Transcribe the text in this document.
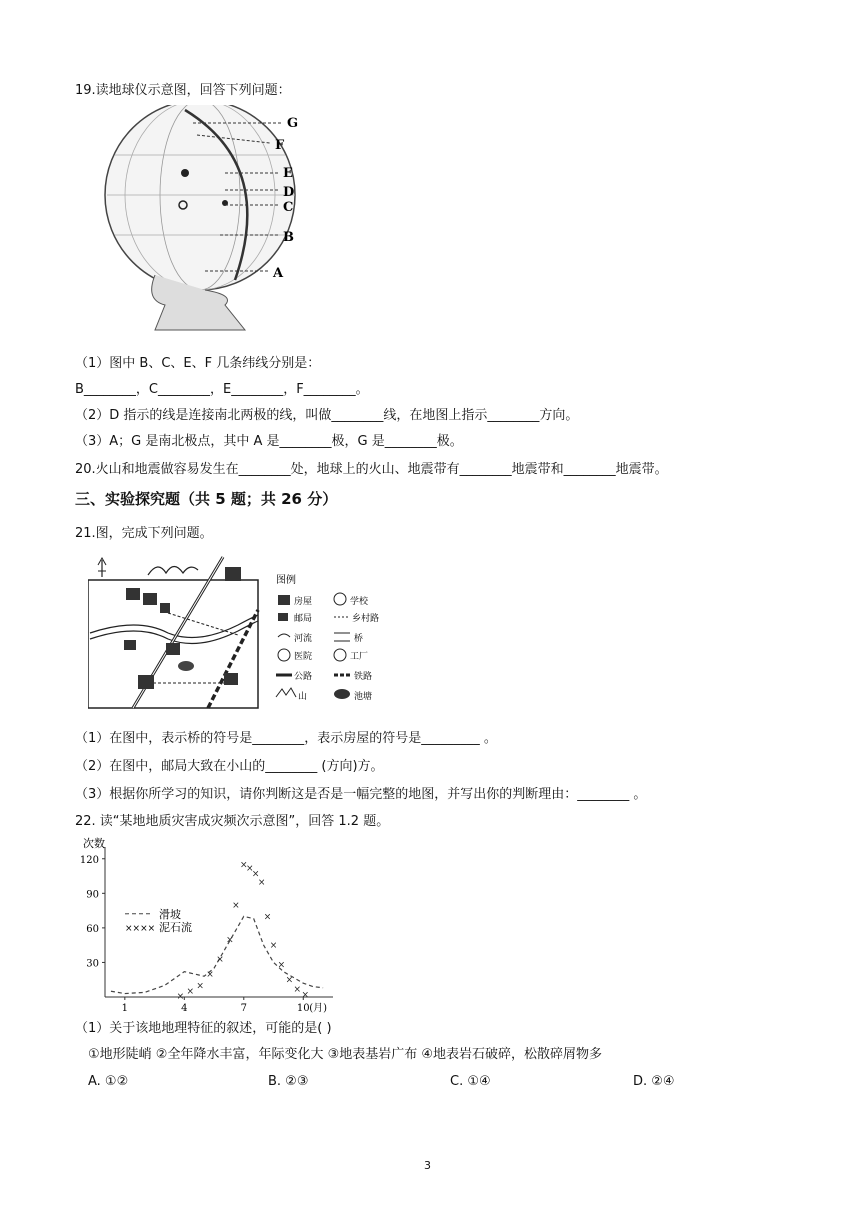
19.读地球仪示意图，回答下列问题：
G
F
E
D
C
B
A
（1）图中 B、C、E、F 几条纬线分别是：
B________，C________，E________，F________。
（2）D 指示的线是连接南北两极的线，叫做________线，在地图上指示________方向。
（3）A；G 是南北极点，其中 A 是________极，G 是________极。
20.火山和地震做容易发生在________处，地球上的火山、地震带有________地震带和________地震带。
三、实验探究题（共 5 题；共 26 分）
21.图，完成下列问题。
图例
房屋	学校
邮局	乡村路
河流	桥
医院	工厂
公路	铁路
山	池塘
（1）在图中，表示桥的符号是________，表示房屋的符号是_________ 。
（2）在图中，邮局大致在小山的________ (方向)方。
（3）根据你所学习的知识，请你判断这是否是一幅完整的地图，并写出你的判断理由：________ 。
22. 读“某地地质灾害成灾频次示意图”，回答 1.2 题。
次数
30
60
90
120
1	4	7	10 (月)
× ×
×
×
×
×
×
×
×
×
×
×
×
×
×
×
×
滑坡
×××× 泥石流
（1）关于该地地理特征的叙述，可能的是( )
①地形陡峭 ②全年降水丰富，年际变化大 ③地表基岩广布 ④地表岩石破碎，松散碎屑物多
A. ①②	B. ②③	C. ①④	D. ②④
3
